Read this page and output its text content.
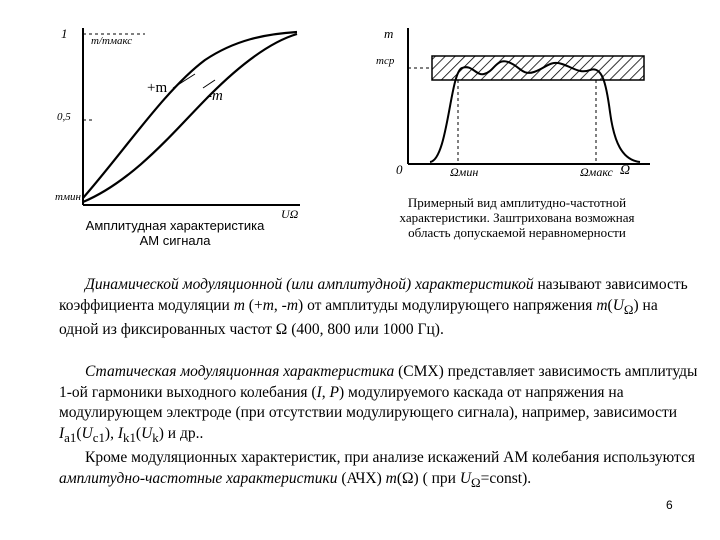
1 m/mмакс
0,5
mмин
UΩ
+m	-m
Амплитудная характеристика
АМ сигнала
m
mср
0	Ωмин	Ωмакс Ω
Примерный вид амплитудно-частотной
характеристики. Заштрихована возможная
область допускаемой неравномерности

Динамической модуляционной (или амплитудной) характеристикой называют зависимость коэффициента модуляции m (+m, -m) от амплитуды модулирующего напряжения $m(U_\Omega)$ на одной из фиксированных частот Ω (400, 800 или 1000 Гц).

Статическая модуляционная характеристика (СМХ) представляет зависимость амплитуды 1-ой гармоники выходного колебания (I, P) модулируемого каскада от напряжения на модулирующем электроде (при отсутствии модулирующего сигнала), например, зависимости $I_{a1}(U_{c1})$, $I_{k1}(U_k)$ и др..

Кроме модуляционных характеристик, при анализе искажений АМ колебания используются амплитудно-частотные характеристики (АЧХ) m(Ω) ( при $U_\Omega=const$).

6
